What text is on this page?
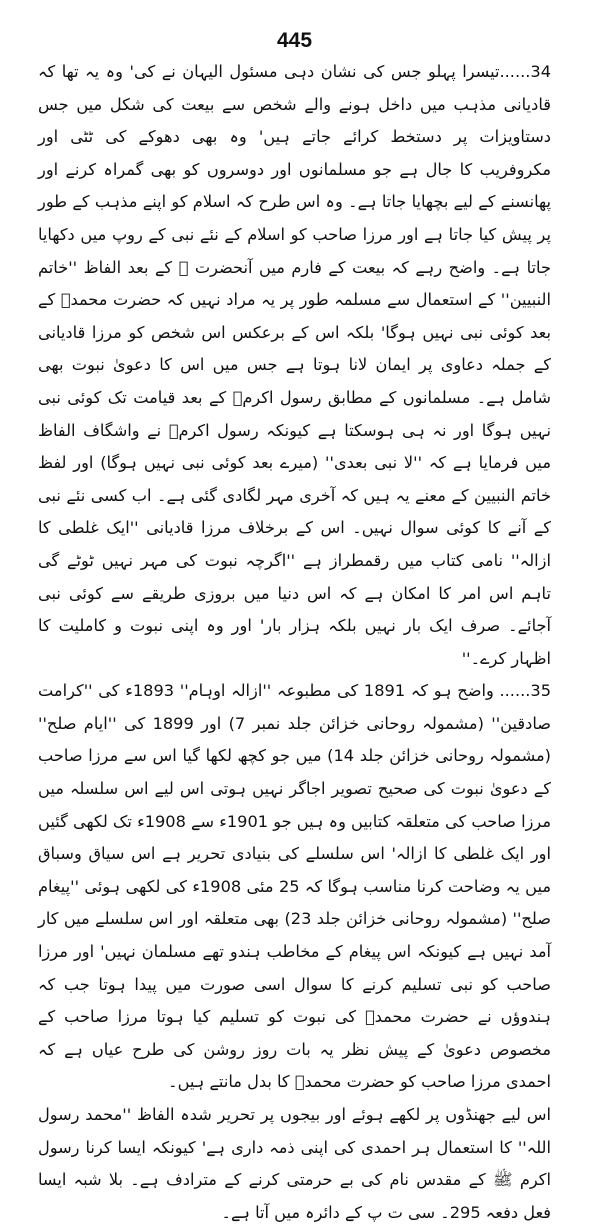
445

34......تیسرا پہلو جس کی نشان دہی مسئول الیہان نے کی' وہ یہ تھا کہ قادیانی مذہب میں داخل ہونے والے شخص سے بیعت کی شکل میں جس دستاویزات پر دستخط کرائے جاتے ہیں' وہ بھی دھوکے کی ٹٹی اور مکروفریب کا جال ہے جو مسلمانوں اور دوسروں کو بھی گمراہ کرنے اور پھانسنے کے لیے بچھایا جاتا ہے۔ وہ اس طرح کہ اسلام کو اپنے مذہب کے طور پر پیش کیا جاتا ہے اور مرزا صاحب کو اسلام کے نئے نبی کے روپ میں دکھایا جاتا ہے۔ واضح رہے کہ بیعت کے فارم میں آنحضرت ﷺ کے بعد الفاظ ''خاتم النبیین'' کے استعمال سے مسلمہ طور پر یہ مراد نہیں کہ حضرت محمدؐ کے بعد کوئی نبی نہیں ہوگا' بلکہ اس کے برعکس اس شخص کو مرزا قادیانی کے جملہ دعاوی پر ایمان لانا ہوتا ہے جس میں اس کا دعویٰ نبوت بھی شامل ہے۔ مسلمانوں کے مطابق رسول اکرمؐ کے بعد قیامت تک کوئی نبی نہیں ہوگا اور نہ ہی ہوسکتا ہے کیونکہ رسول اکرمؐ نے واشگاف الفاظ میں فرمایا ہے کہ ''لا نبی بعدی'' (میرے بعد کوئی نبی نہیں ہوگا) اور لفظ خاتم النبیین کے معنے یہ ہیں کہ آخری مہر لگادی گئی ہے۔ اب کسی نئے نبی کے آنے کا کوئی سوال نہیں۔ اس کے برخلاف مرزا قادیانی ''ایک غلطی کا ازالہ'' نامی کتاب میں رقمطراز ہے ''اگرچہ نبوت کی مہر نہیں ٹوٹے گی تاہم اس امر کا امکان ہے کہ اس دنیا میں بروزی طریقے سے کوئی نبی آجائے۔ صرف ایک بار نہیں بلکہ ہزار بار' اور وہ اپنی نبوت و کاملیت کا اظہار کرے۔''

35...... واضح ہو کہ 1891 کی مطبوعہ ''ازالہ اوہام'' 1893ء کی ''کرامت صادقین'' (مشمولہ روحانی خزائن جلد نمبر 7) اور 1899 کی ''ایام صلح'' (مشمولہ روحانی خزائن جلد 14) میں جو کچھ لکھا گیا اس سے مرزا صاحب کے دعویٰ نبوت کی صحیح تصویر اجاگر نہیں ہوتی اس لیے اس سلسلہ میں مرزا صاحب کی متعلقہ کتابیں وہ ہیں جو 1901ء سے 1908ء تک لکھی گئیں اور ایک غلطی کا ازالہ' اس سلسلے کی بنیادی تحریر ہے اس سیاق وسباق میں یہ وضاحت کرنا مناسب ہوگا کہ 25 مئی 1908ء کی لکھی ہوئی ''پیغام صلح'' (مشمولہ روحانی خزائن جلد 23) بھی متعلقہ اور اس سلسلے میں کار آمد نہیں ہے کیونکہ اس پیغام کے مخاطب ہندو تھے مسلمان نہیں' اور مرزا صاحب کو نبی تسلیم کرنے کا سوال اسی صورت میں پیدا ہوتا جب کہ ہندوؤں نے حضرت محمدؐ کی نبوت کو تسلیم کیا ہوتا مرزا صاحب کے مخصوص دعویٰ کے پیش نظر یہ بات روز روشن کی طرح عیاں ہے کہ احمدی مرزا صاحب کو حضرت محمدؐ کا بدل مانتے ہیں۔

اس لیے جھنڈوں پر لکھے ہوئے اور بیجوں پر تحریر شدہ الفاظ ''محمد رسول اللہ'' کا استعمال ہر احمدی کی اپنی ذمہ داری ہے' کیونکہ ایسا کرنا رسول اکرم ﷺ کے مقدس نام کی بے حرمتی کرنے کے مترادف ہے۔ بلا شبہ ایسا فعل دفعہ 295۔ سی ت پ کے دائرہ میں آتا ہے۔
